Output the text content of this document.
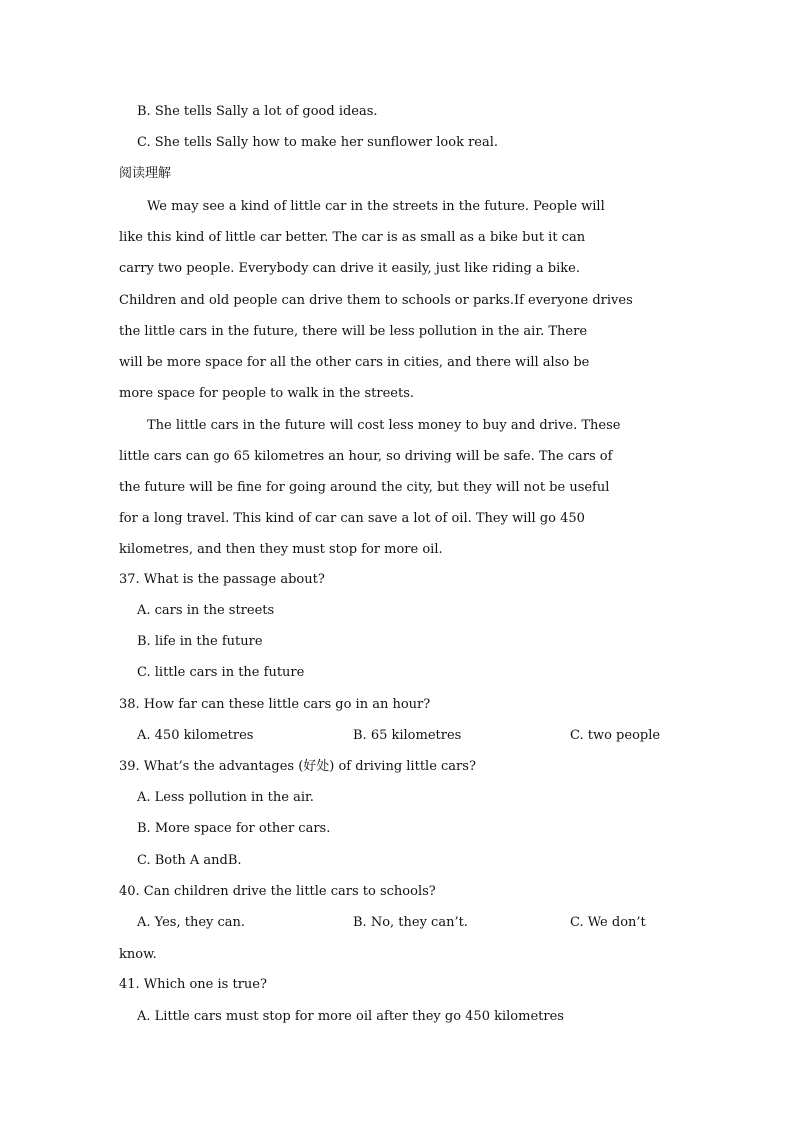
B. She tells Sally a lot of good ideas.
C. She tells Sally how to make her sunflower look real.
阅读理解
We may see a kind of little car in the streets in the future. People will
like this kind of little car better. The car is as small as a bike but it can
carry two people. Everybody can drive it easily, just like riding a bike.
Children and old people can drive them to schools or parks.If everyone drives
the little cars in the future, there will be less pollution in the air. There
will be more space for all the other cars in cities, and there will also be
more space for people to walk in the streets.
The little cars in the future will cost less money to buy and drive. These
little cars can go 65 kilometres an hour, so driving will be safe. The cars of
the future will be fine for going around the city, but they will not be useful
for a long travel. This kind of car can save a lot of oil. They will go 450
kilometres, and then they must stop for more oil.
37. What is the passage about?
A. cars in the streets
B. life in the future
C. little cars in the future
38. How far can these little cars go in an hour?
A. 450 kilometres	B. 65 kilometres	C. two people
39. What’s the advantages (好处) of driving little cars?
A. Less pollution in the air.
B. More space for other cars.
C. Both A andB.
40. Can children drive the little cars to schools?
A. Yes, they can.	B. No, they can’t.	C. We don’t
know.
41. Which one is true?
A. Little cars must stop for more oil after they go 450 kilometres
